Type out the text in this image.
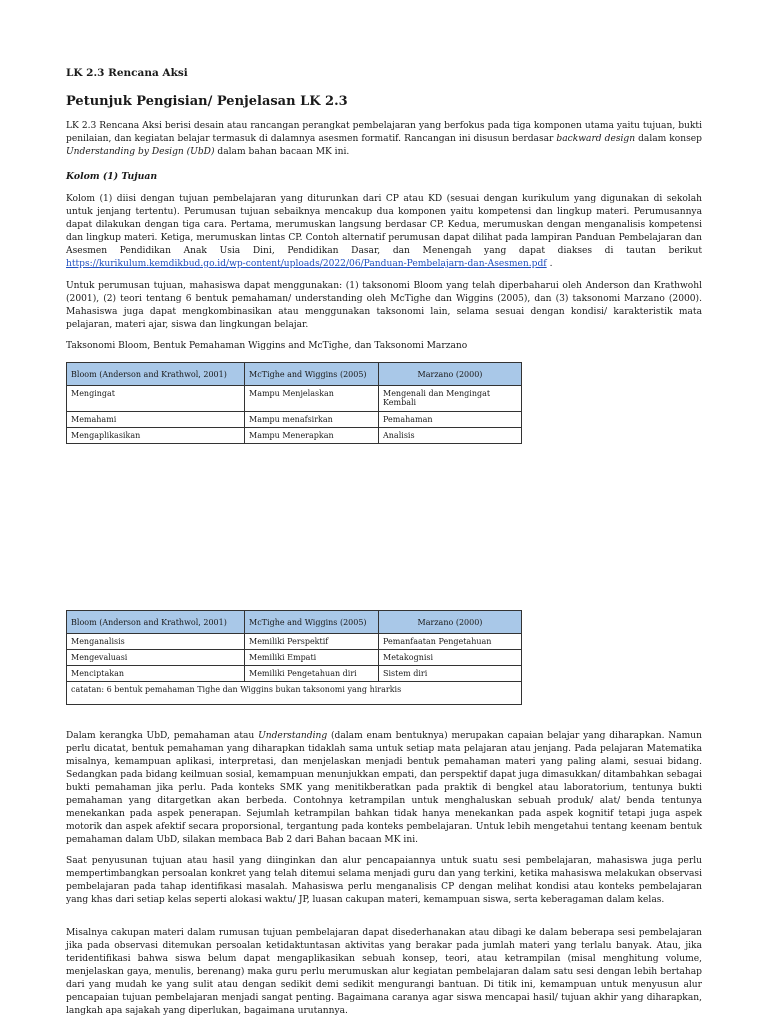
LK 2.3 Rencana Aksi

Petunjuk Pengisian/ Penjelasan LK 2.3

LK 2.3 Rencana Aksi berisi desain atau rancangan perangkat pembelajaran yang berfokus pada tiga komponen utama yaitu tujuan, bukti penilaian, dan kegiatan belajar termasuk di dalamnya asesmen formatif. Rancangan ini disusun berdasar backward design dalam konsep Understanding by Design (UbD) dalam bahan bacaan MK ini.

Kolom (1) Tujuan

Kolom (1) diisi dengan tujuan pembelajaran yang diturunkan dari CP atau KD (sesuai dengan kurikulum yang digunakan di sekolah untuk jenjang tertentu). Perumusan tujuan sebaiknya mencakup dua komponen yaitu kompetensi dan lingkup materi. Perumusannya dapat dilakukan dengan tiga cara. Pertama, merumuskan langsung berdasar CP. Kedua, merumuskan dengan menganalisis kompetensi dan lingkup materi. Ketiga, merumuskan lintas CP. Contoh alternatif perumusan dapat dilihat pada lampiran Panduan Pembelajaran dan Asesmen Pendidikan Anak Usia Dini, Pendidikan Dasar, dan Menengah yang dapat diakses di tautan berikut https://kurikulum.kemdikbud.go.id/wp-content/uploads/2022/06/Panduan-Pembelajarn-dan-Asesmen.pdf .

Untuk perumusan tujuan, mahasiswa dapat menggunakan: (1) taksonomi Bloom yang telah diperbaharui oleh Anderson dan Krathwohl (2001), (2) teori tentang 6 bentuk pemahaman/ understanding oleh McTighe dan Wiggins (2005), dan (3) taksonomi Marzano (2000). Mahasiswa juga dapat mengkombinasikan atau menggunakan taksonomi lain, selama sesuai dengan kondisi/ karakteristik mata pelajaran, materi ajar, siswa dan lingkungan belajar.

Taksonomi Bloom, Bentuk Pemahaman Wiggins and McTighe, dan Taksonomi Marzano

Bloom (Anderson and Krathwol, 2001)	McTighe and Wiggins (2005)	Marzano (2000)
Mengingat	Mampu Menjelaskan	Mengenali dan Mengingat Kembali
Memahami	Mampu menafsirkan	Pemahaman
Mengaplikasikan	Mampu Menerapkan	Analisis
Bloom (Anderson and Krathwol, 2001)	McTighe and Wiggins (2005)	Marzano (2000)
Menganalisis	Memiliki Perspektif	Pemanfaatan Pengetahuan
Mengevaluasi	Memiliki Empati	Metakognisi
Menciptakan	Memiliki Pengetahuan diri	Sistem diri
catatan: 6 bentuk pemahaman Tighe dan Wiggins bukan taksonomi yang hirarkis		

Dalam kerangka UbD, pemahaman atau Understanding (dalam enam bentuknya) merupakan capaian belajar yang diharapkan. Namun perlu dicatat, bentuk pemahaman yang diharapkan tidaklah sama untuk setiap mata pelajaran atau jenjang. Pada pelajaran Matematika misalnya, kemampuan aplikasi, interpretasi, dan menjelaskan menjadi bentuk pemahaman materi yang paling alami, sesuai bidang. Sedangkan pada bidang keilmuan sosial, kemampuan menunjukkan empati, dan perspektif dapat juga dimasukkan/ ditambahkan sebagai bukti pemahaman jika perlu. Pada konteks SMK yang menitikberatkan pada praktik di bengkel atau laboratorium, tentunya bukti pemahaman yang ditargetkan akan berbeda. Contohnya ketrampilan untuk menghaluskan sebuah produk/ alat/ benda tentunya menekankan pada aspek penerapan. Sejumlah ketrampilan bahkan tidak hanya menekankan pada aspek kognitif tetapi juga aspek motorik dan aspek afektif secara proporsional, tergantung pada konteks pembelajaran. Untuk lebih mengetahui tentang keenam bentuk pemahaman dalam UbD, silakan membaca Bab 2 dari Bahan bacaan MK ini.

Saat penyusunan tujuan atau hasil yang diinginkan dan alur pencapaiannya untuk suatu sesi pembelajaran, mahasiswa juga perlu mempertimbangkan persoalan konkret yang telah ditemui selama menjadi guru dan yang terkini, ketika mahasiswa melakukan observasi pembelajaran pada tahap identifikasi masalah. Mahasiswa perlu menganalisis CP dengan melihat kondisi atau konteks pembelajaran yang khas dari setiap kelas seperti alokasi waktu/ JP, luasan cakupan materi, kemampuan siswa, serta keberagaman dalam kelas.

Misalnya cakupan materi dalam rumusan tujuan pembelajaran dapat disederhanakan atau dibagi ke dalam beberapa sesi pembelajaran jika pada observasi ditemukan persoalan ketidaktuntasan aktivitas yang berakar pada jumlah materi yang terlalu banyak. Atau, jika teridentifikasi bahwa siswa belum dapat mengaplikasikan sebuah konsep, teori, atau ketrampilan (misal menghitung volume, menjelaskan gaya, menulis, berenang) maka guru perlu merumuskan alur kegiatan pembelajaran dalam satu sesi dengan lebih bertahap dari yang mudah ke yang sulit atau dengan sedikit demi sedikit mengurangi bantuan. Di titik ini, kemampuan untuk menyusun alur pencapaian tujuan pembelajaran menjadi sangat penting. Bagaimana caranya agar siswa mencapai hasil/ tujuan akhir yang diharapkan, langkah apa sajakah yang diperlukan, bagaimana urutannya.
